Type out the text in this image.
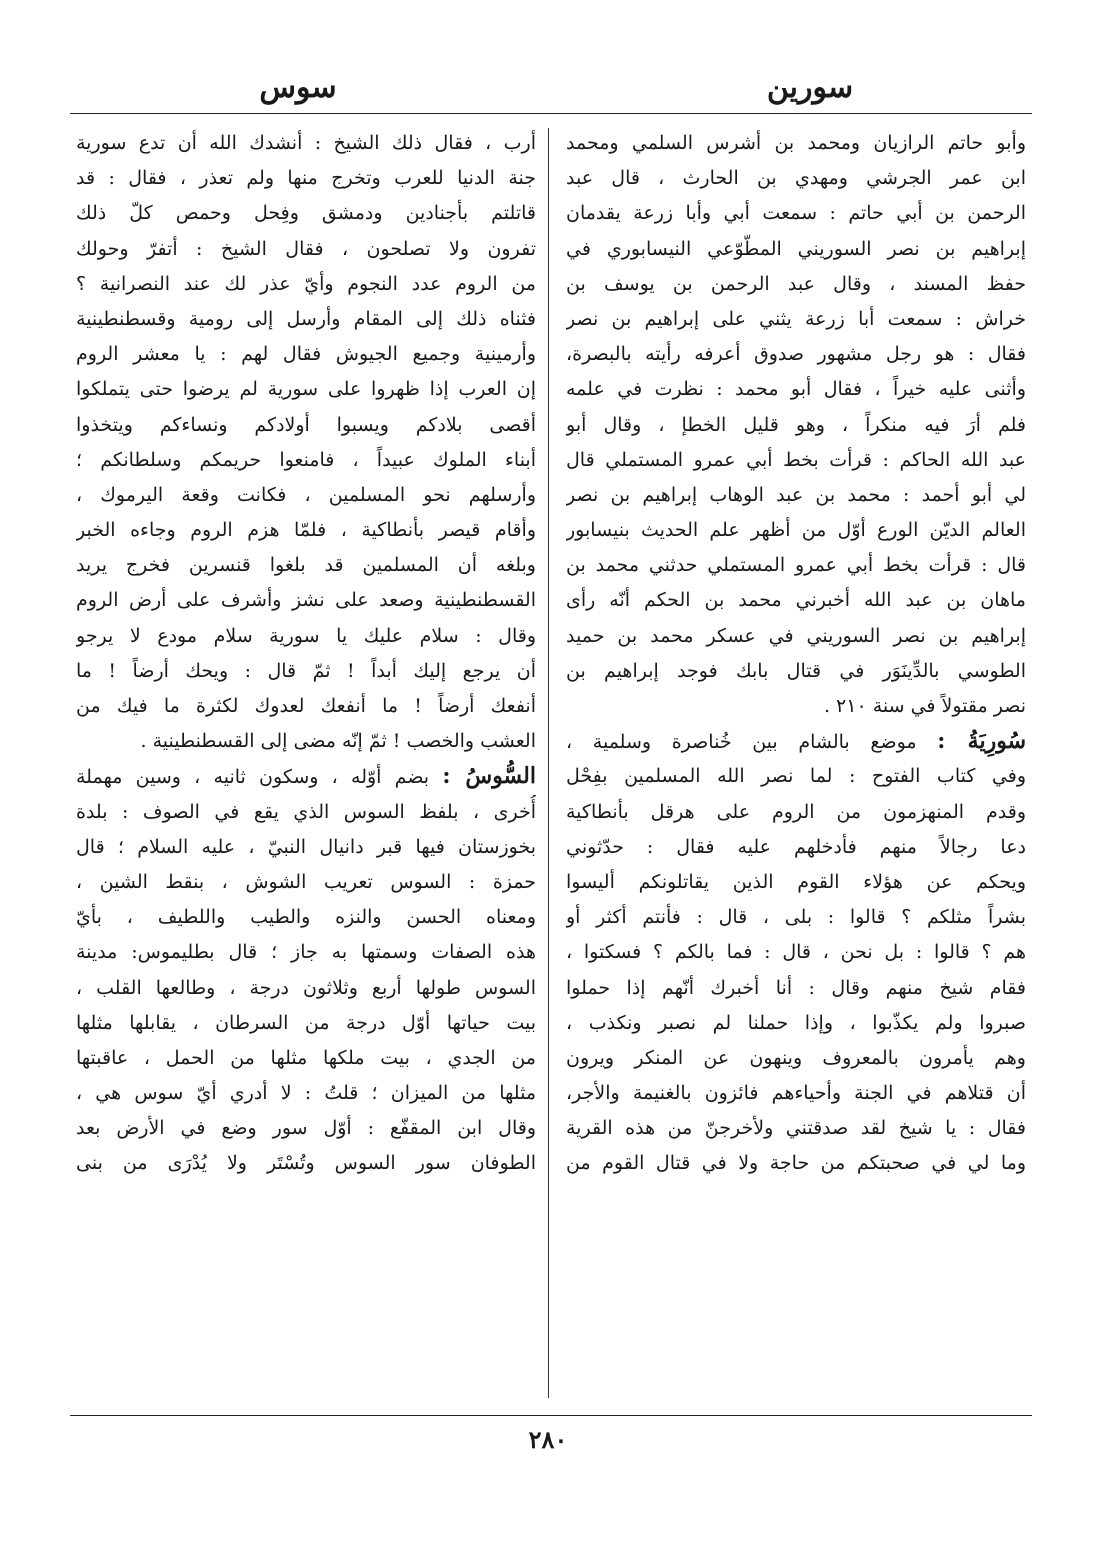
سورين
سوس
وأبو حاتم الرازيان ومحمد بن أشرس السلمي ومحمد
ابن عمر الجرشي ومهدي بن الحارث ، قال عبد
الرحمن بن أبي حاتم : سمعت أبي وأبا زرعة يقدمان
إبراهيم بن نصر السوريني المطّوّعي النيسابوري في
حفظ المسند ، وقال عبد الرحمن بن يوسف بن
خراش : سمعت أبا زرعة يثني على إبراهيم بن نصر
فقال : هو رجل مشهور صدوق أعرفه رأيته بالبصرة،
وأثنى عليه خيراً ، فقال أبو محمد : نظرت في علمه
فلم أرَ فيه منكراً ، وهو قليل الخطإ ، وقال أبو
عبد الله الحاكم : قرأت بخط أبي عمرو المستملي قال
لي أبو أحمد : محمد بن عبد الوهاب إبراهيم بن نصر
العالم الديّن الورع أوّل من أظهر علم الحديث بنيسابور
قال : قرأت بخط أبي عمرو المستملي حدثني محمد بن
ماهان بن عبد الله أخبرني محمد بن الحكم أنّه رأى
إبراهيم بن نصر السوريني في عسكر محمد بن حميد
الطوسي بالدِّينَوَر في قتال بابك فوجد إبراهيم بن
نصر مقتولاً في سنة ٢١٠ .
سُورِيَةُ : موضع بالشام بين خُناصرة وسلمية ،
وفي كتاب الفتوح : لما نصر الله المسلمين بفِحْل
وقدم المنهزمون من الروم على هرقل بأنطاكية
دعا رجالاً منهم فأدخلهم عليه فقال : حدّثوني
ويحكم عن هؤلاء القوم الذين يقاتلونكم أليسوا
بشراً مثلكم ؟ قالوا : بلى ، قال : فأنتم أكثر أو
هم ؟ قالوا : بل نحن ، قال : فما بالكم ؟ فسكتوا ،
فقام شيخ منهم وقال : أنا أخبرك أنّهم إذا حملوا
صبروا ولم يكذّبوا ، وإذا حملنا لم نصبر ونكذب ،
وهم يأمرون بالمعروف وينهون عن المنكر ويرون
أن قتلاهم في الجنة وأحياءهم فائزون بالغنيمة والأجر،
فقال : يا شيخ لقد صدقتني ولأخرجنّ من هذه القرية
وما لي في صحبتكم من حاجة ولا في قتال القوم من
أرب ، فقال ذلك الشيخ : أنشدك الله أن تدع سورية
جنة الدنيا للعرب وتخرج منها ولم تعذر ، فقال : قد
قاتلتم بأجنادين ودمشق وفِحل وحمص كلّ ذلك
تفرون ولا تصلحون ، فقال الشيخ : أتفرّ وحولك
من الروم عدد النجوم وأيّ عذر لك عند النصرانية ؟
فثناه ذلك إلى المقام وأرسل إلى رومية وقسطنطينية
وأرمينية وجميع الجيوش فقال لهم : يا معشر الروم
إن العرب إذا ظهروا على سورية لم يرضوا حتى يتملكوا
أقصى بلادكم ويسبوا أولادكم ونساءكم ويتخذوا
أبناء الملوك عبيداً ، فامنعوا حريمكم وسلطانكم ؛
وأرسلهم نحو المسلمين ، فكانت وقعة اليرموك ،
وأقام قيصر بأنطاكية ، فلمّا هزم الروم وجاءه الخبر
وبلغه أن المسلمين قد بلغوا قنسرين فخرج يريد
القسطنطينية وصعد على نشز وأشرف على أرض الروم
وقال : سلام عليك يا سورية سلام مودع لا يرجو
أن يرجع إليك أبداً ! ثمّ قال : ويحك أرضاً ! ما
أنفعك أرضاً ! ما أنفعك لعدوك لكثرة ما فيك من
العشب والخصب ! ثمّ إنّه مضى إلى القسطنطينية .
السُّوسُ : بضم أوّله ، وسكون ثانيه ، وسين مهملة
أُخرى ، بلفظ السوس الذي يقع في الصوف : بلدة
بخوزستان فيها قبر دانيال النبيّ ، عليه السلام ؛ قال
حمزة : السوس تعريب الشوش ، بنقط الشين ،
ومعناه الحسن والنزه والطيب واللطيف ، بأيّ
هذه الصفات وسمتها به جاز ؛ قال بطليموس: مدينة
السوس طولها أربع وثلاثون درجة ، وطالعها القلب ،
بيت حياتها أوّل درجة من السرطان ، يقابلها مثلها
من الجدي ، بيت ملكها مثلها من الحمل ، عاقبتها
مثلها من الميزان ؛ قلتُ : لا أدري أيّ سوس هي ،
وقال ابن المقفّع : أوّل سور وضع في الأرض بعد
الطوفان سور السوس وتُسْتَر ولا يُدْرَى من بنى
٢٨٠
